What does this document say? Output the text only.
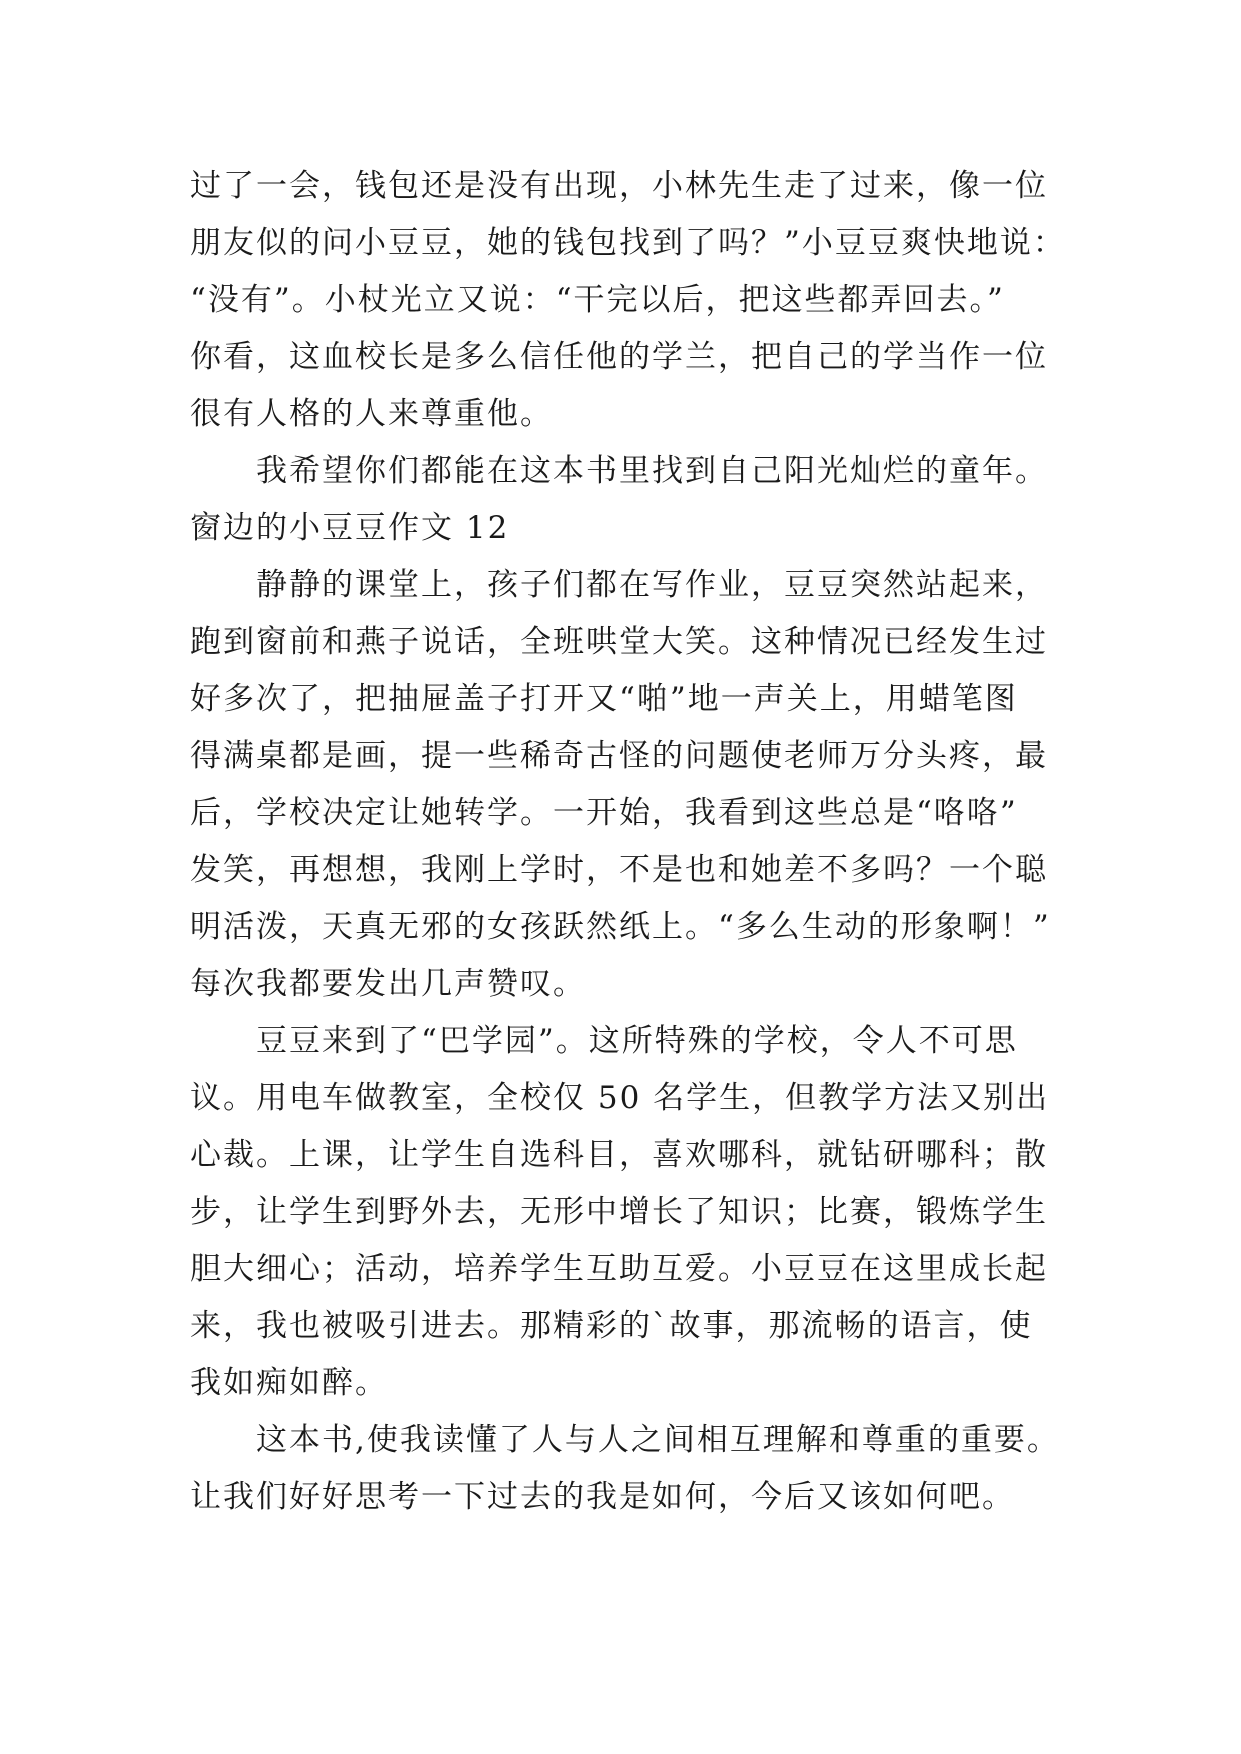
过了一会，钱包还是没有出现，小林先生走了过来，像一位
朋友似的问小豆豆，她的钱包找到了吗？”小豆豆爽快地说：
“没有”。小杖光立又说：“干完以后，把这些都弄回去。”
你看，这血校长是多么信任他的学兰，把自己的学当作一位
很有人格的人来尊重他。
我希望你们都能在这本书里找到自己阳光灿烂的童年。
窗边的小豆豆作文 12
静静的课堂上，孩子们都在写作业，豆豆突然站起来，
跑到窗前和燕子说话，全班哄堂大笑。这种情况已经发生过
好多次了，把抽屉盖子打开又“啪”地一声关上，用蜡笔图
得满桌都是画，提一些稀奇古怪的问题使老师万分头疼，最
后，学校决定让她转学。一开始，我看到这些总是“咯咯”
发笑，再想想，我刚上学时，不是也和她差不多吗？一个聪
明活泼，天真无邪的女孩跃然纸上。“多么生动的形象啊！”
每次我都要发出几声赞叹。
豆豆来到了“巴学园”。这所特殊的学校，令人不可思
议。用电车做教室，全校仅 50 名学生，但教学方法又别出
心裁。上课，让学生自选科目，喜欢哪科，就钻研哪科；散
步，让学生到野外去，无形中增长了知识；比赛，锻炼学生
胆大细心；活动，培养学生互助互爱。小豆豆在这里成长起
来，我也被吸引进去。那精彩的`故事，那流畅的语言，使
我如痴如醉。
这本书,使我读懂了人与人之间相互理解和尊重的重要。
让我们好好思考一下过去的我是如何，今后又该如何吧。
